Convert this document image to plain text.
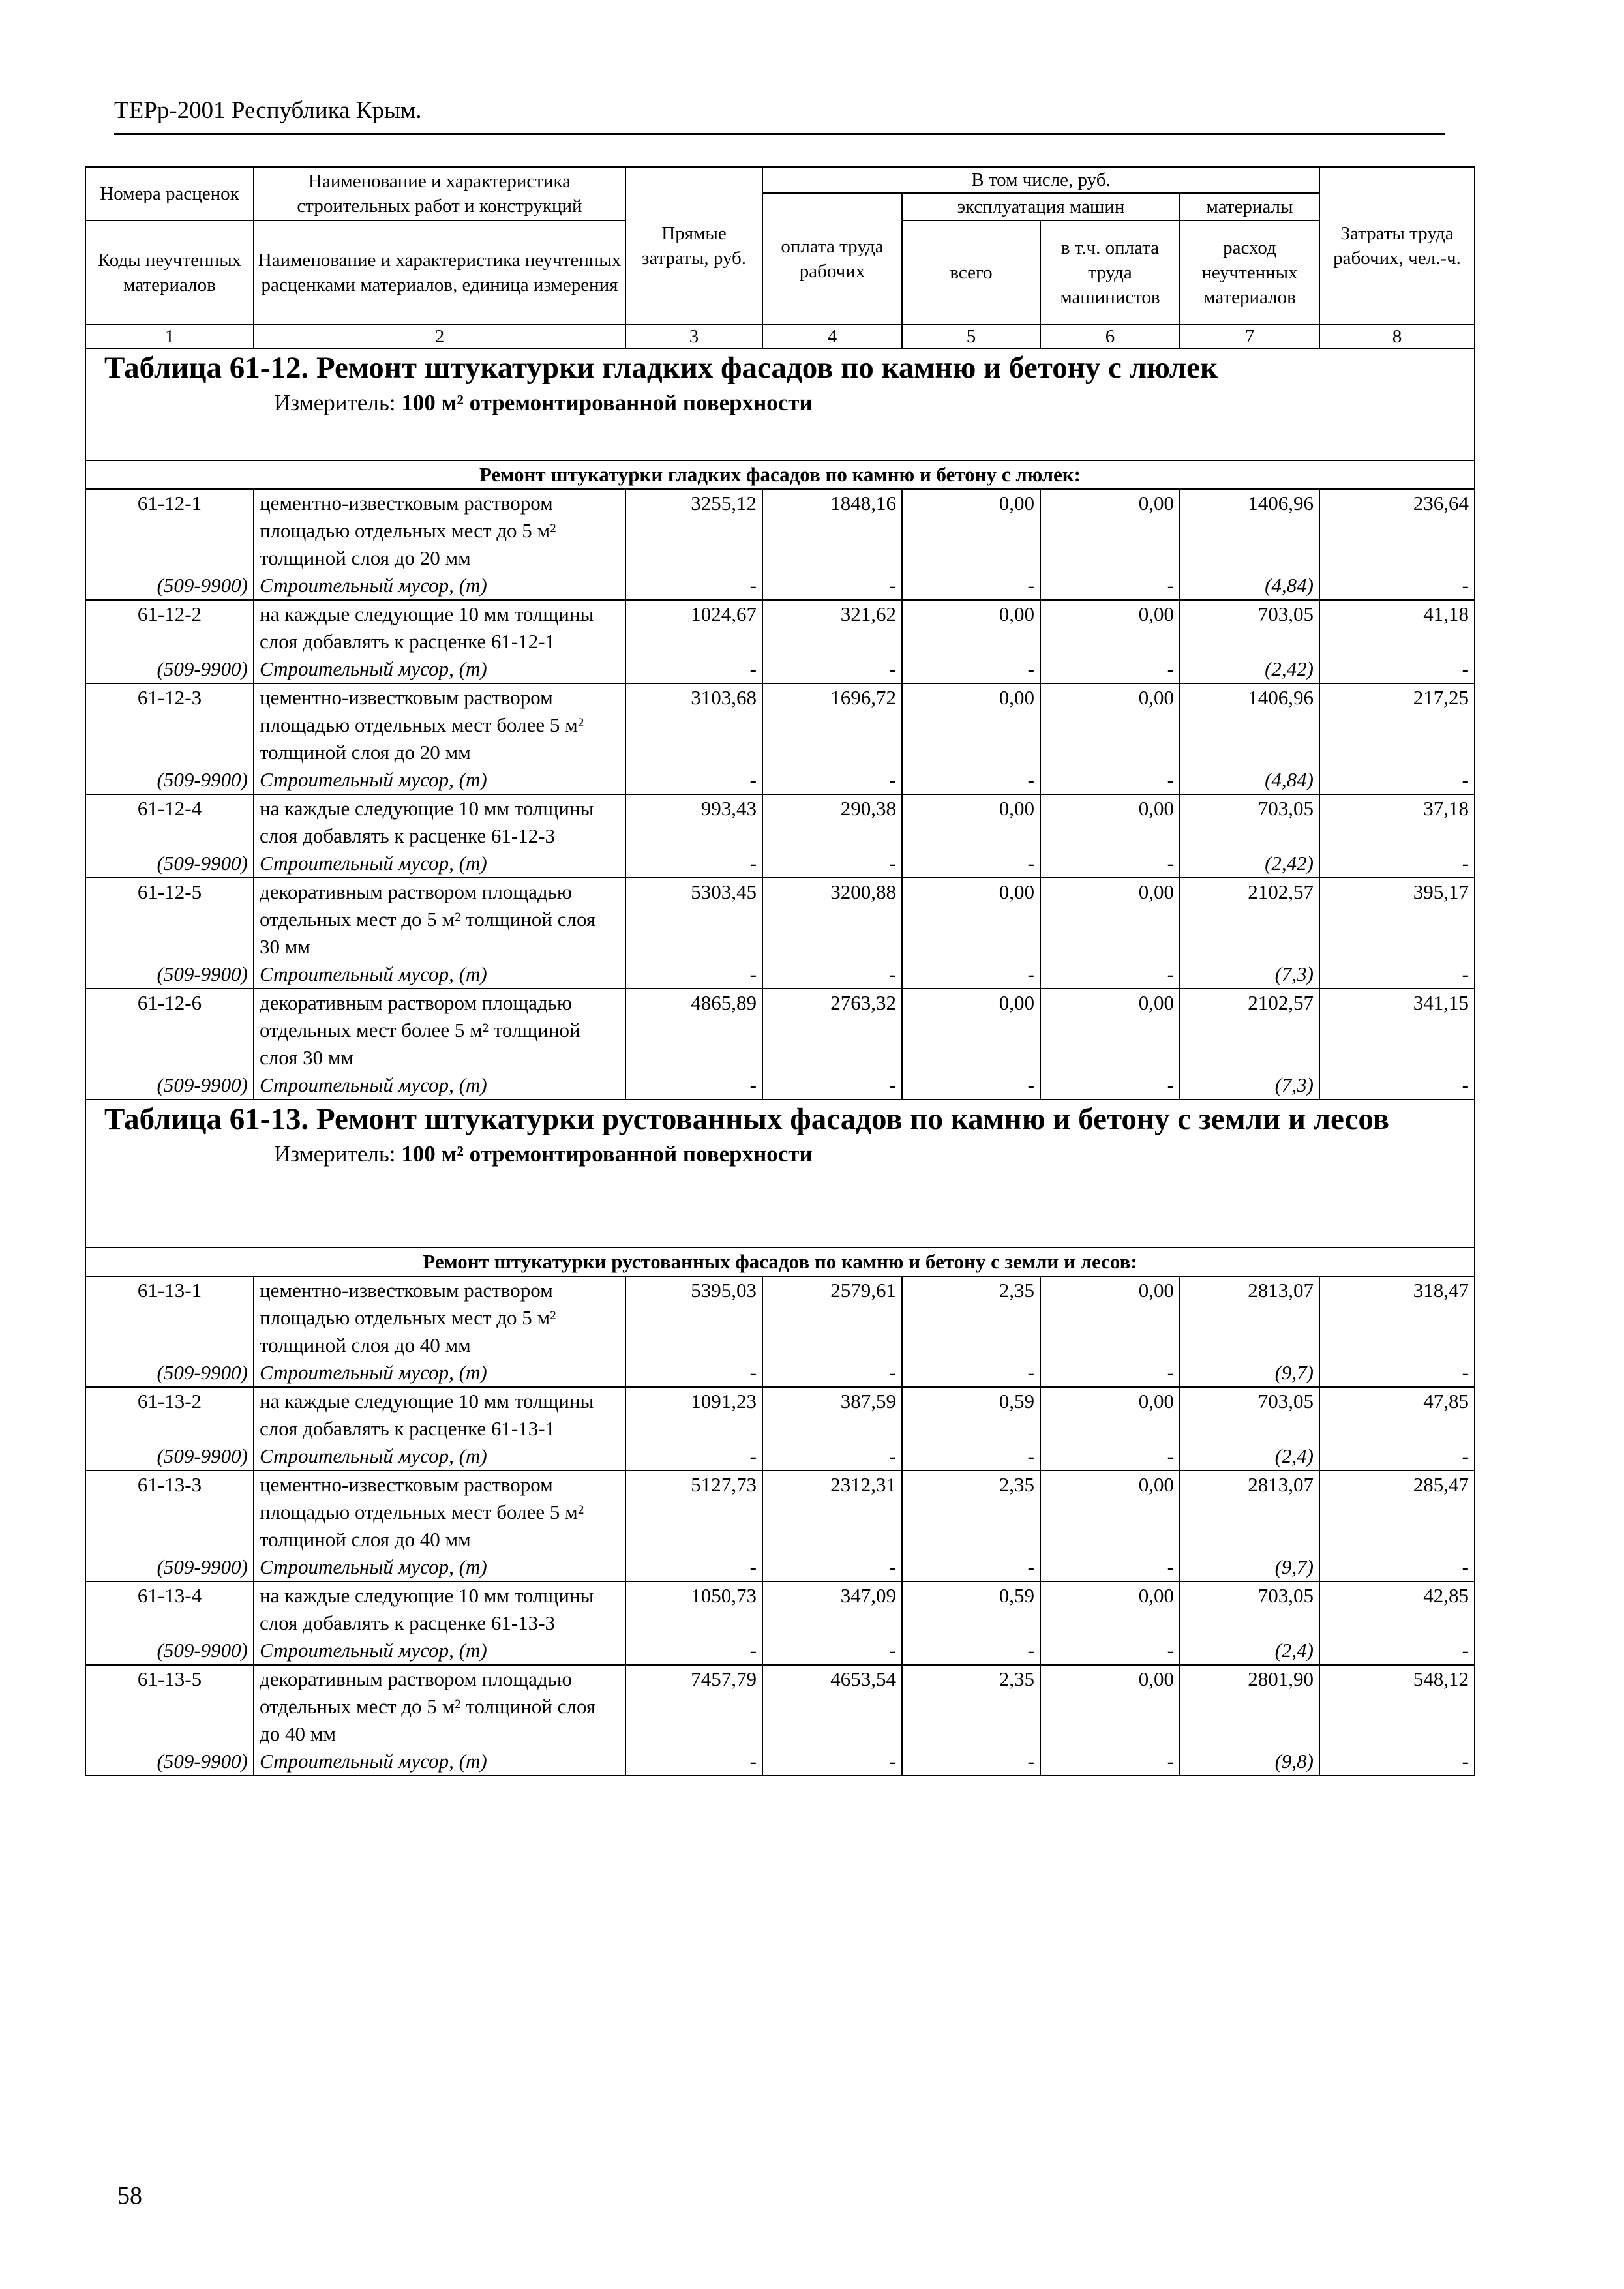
ТЕРр-2001 Республика Крым.
Номера расценок	Наименование и характеристика строительных работ и конструкций	Прямые затраты, руб.	В том числе, руб.				Затраты труда рабочих, чел.-ч.
			оплата труда рабочих	эксплуатация машин		материалы	
Коды неучтенных материалов	Наименование и характеристика неучтенных расценками материалов, единица измерения			всего	в т.ч. оплата труда машинистов	расход неучтенных материалов	

1	2	3	4	5	6	7	8

Таблица 61-12. Ремонт штукатурки гладких фасадов по камню и бетону с люлек
Измеритель: 100 м² отремонтированной поверхности							

Ремонт штукатурки гладких фасадов по камню и бетону с люлек:							
61-12-1	цементно-известковым раствором площадью отдельных мест до 5 м² толщиной слоя до 20 мм	3255,12	1848,16	0,00	0,00	1406,96	236,64
(509-9900)	Строительный мусор, (т)	-	-	-	-	(4,84)	-
61-12-2	на каждые следующие 10 мм толщины слоя добавлять к расценке 61-12-1	1024,67	321,62	0,00	0,00	703,05	41,18
(509-9900)	Строительный мусор, (т)	-	-	-	-	(2,42)	-
61-12-3	цементно-известковым раствором площадью отдельных мест более 5 м² толщиной слоя до 20 мм	3103,68	1696,72	0,00	0,00	1406,96	217,25
(509-9900)	Строительный мусор, (т)	-	-	-	-	(4,84)	-
61-12-4	на каждые следующие 10 мм толщины слоя добавлять к расценке 61-12-3	993,43	290,38	0,00	0,00	703,05	37,18
(509-9900)	Строительный мусор, (т)	-	-	-	-	(2,42)	-
61-12-5	декоративным раствором площадью отдельных мест до 5 м² толщиной слоя 30 мм	5303,45	3200,88	0,00	0,00	2102,57	395,17
(509-9900)	Строительный мусор, (т)	-	-	-	-	(7,3)	-
61-12-6	декоративным раствором площадью отдельных мест более 5 м² толщиной слоя 30 мм	4865,89	2763,32	0,00	0,00	2102,57	341,15
(509-9900)	Строительный мусор, (т)	-	-	-	-	(7,3)	-

Таблица 61-13. Ремонт штукатурки рустованных фасадов по камню и бетону с земли и лесов
Измеритель: 100 м² отремонтированной поверхности							

Ремонт штукатурки рустованных фасадов по камню и бетону с земли и лесов:							
61-13-1	цементно-известковым раствором площадью отдельных мест до 5 м² толщиной слоя до 40 мм	5395,03	2579,61	2,35	0,00	2813,07	318,47
(509-9900)	Строительный мусор, (т)	-	-	-	-	(9,7)	-
61-13-2	на каждые следующие 10 мм толщины слоя добавлять к расценке 61-13-1	1091,23	387,59	0,59	0,00	703,05	47,85
(509-9900)	Строительный мусор, (т)	-	-	-	-	(2,4)	-
61-13-3	цементно-известковым раствором площадью отдельных мест более 5 м² толщиной слоя до 40 мм	5127,73	2312,31	2,35	0,00	2813,07	285,47
(509-9900)	Строительный мусор, (т)	-	-	-	-	(9,7)	-
61-13-4	на каждые следующие 10 мм толщины слоя добавлять к расценке 61-13-3	1050,73	347,09	0,59	0,00	703,05	42,85
(509-9900)	Строительный мусор, (т)	-	-	-	-	(2,4)	-
61-13-5	декоративным раствором площадью отдельных мест до 5 м² толщиной слоя до 40 мм	7457,79	4653,54	2,35	0,00	2801,90	548,12
(509-9900)	Строительный мусор, (т)	-	-	-	-	(9,8)	-
58
